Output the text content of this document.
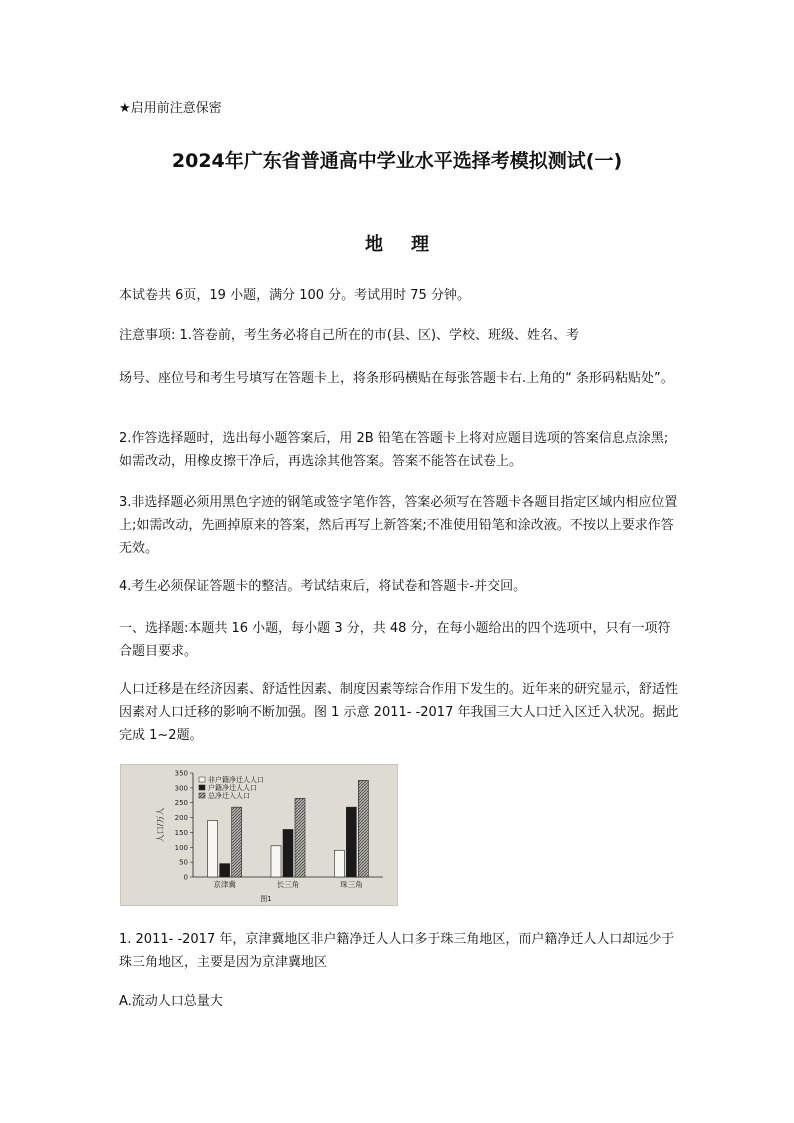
★启用前注意保密

2024年广东省普通高中学业水平选择考模拟测试(一)
地理

本试卷共 6页，19 小题，满分 100 分。考试用时 75 分钟。

注意事项: 1.答卷前，考生务必将自己所在的市(县、区)、学校、班级、姓名、考

场号、座位号和考生号填写在答题卡上，将条形码横贴在每张答题卡右.上角的“ 条形码粘贴处”。

2.作答选择题时，选出每小题答案后，用 2B 铅笔在答题卡上将对应题目选项的答案信息点涂黑;如需改动，用橡皮擦干净后，再选涂其他答案。答案不能答在试卷上。

3.非选择题必须用黑色字迹的钢笔或签字笔作答，答案必须写在答题卡各题目指定区域内相应位置上;如需改动，先画掉原来的答案，然后再写上新答案;不准使用铅笔和涂改液。不按以上要求作答无效。

4.考生必须保证答题卡的整洁。考试结束后，将试卷和答题卡-并交回。

一、选择题:本题共 16 小题，每小题 3 分，共 48 分，在每小题给出的四个选项中，只有一项符合题目要求。

人口迁移是在经济因素、舒适性因素、制度因素等综合作用下发生的。近年来的研究显示，舒适性因素对人口迁移的影响不断加强。图 1 示意 2011- -2017 年我国三大人口迁入区迁入状况。据此完成 1~2题。

0
50
100
150
200
250
300
350
人口/万人
京津冀	长三角	珠三角
非户籍净迁人人口
户籍净迁人人口
总净迁入人口
图1

1. 2011- -2017 年，京津冀地区非户籍净迁人人口多于珠三角地区，而户籍净迁人人口却远少于珠三角地区，主要是因为京津冀地区

A.流动人口总量大
